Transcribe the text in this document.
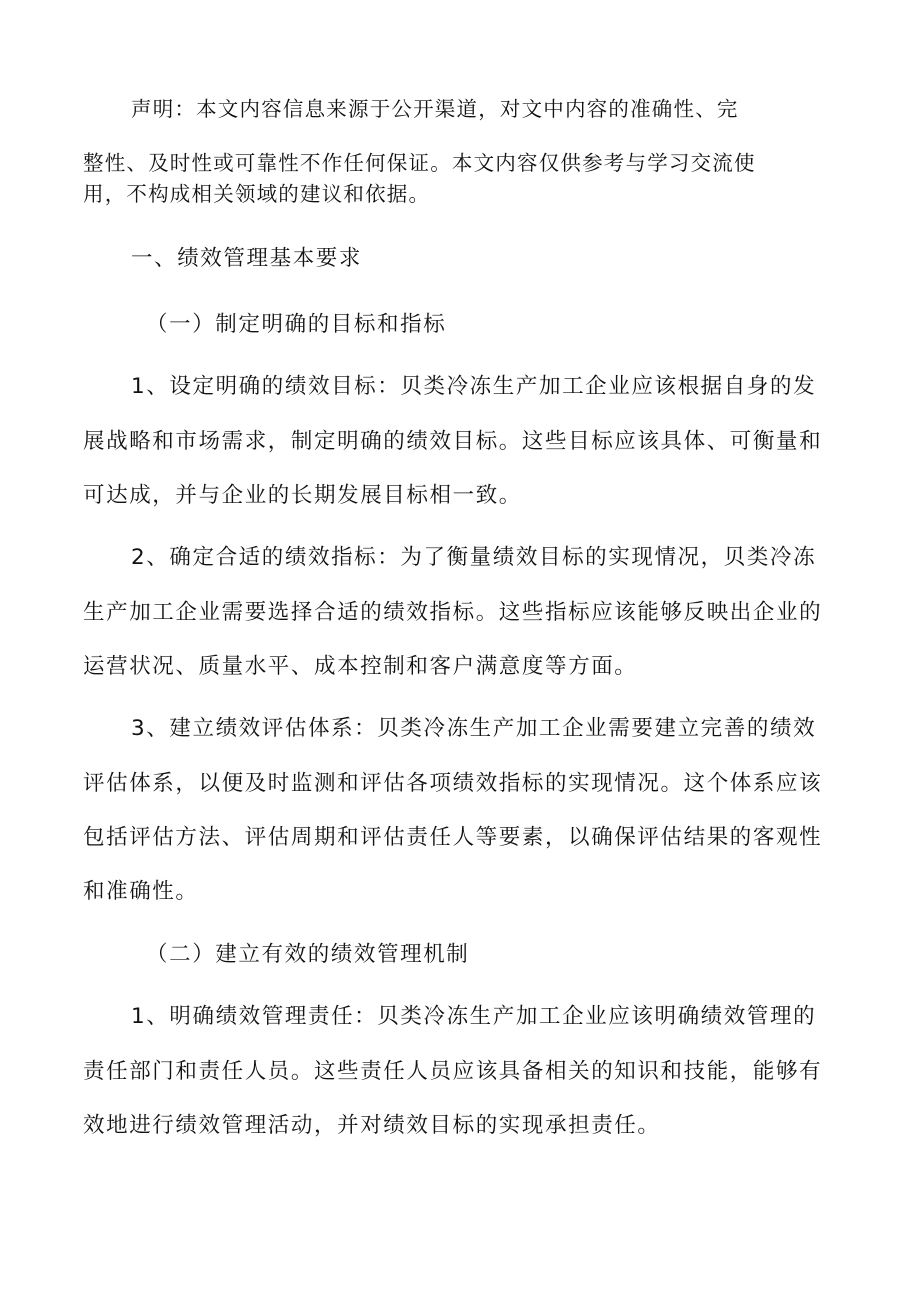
声明：本文内容信息来源于公开渠道，对文中内容的准确性、完
整性、及时性或可靠性不作任何保证。本文内容仅供参考与学习交流使
用，不构成相关领域的建议和依据。
一、绩效管理基本要求
（一）制定明确的目标和指标
1、设定明确的绩效目标：贝类冷冻生产加工企业应该根据自身的发
展战略和市场需求，制定明确的绩效目标。这些目标应该具体、可衡量和
可达成，并与企业的长期发展目标相一致。
2、确定合适的绩效指标：为了衡量绩效目标的实现情况，贝类冷冻
生产加工企业需要选择合适的绩效指标。这些指标应该能够反映出企业的
运营状况、质量水平、成本控制和客户满意度等方面。
3、建立绩效评估体系：贝类冷冻生产加工企业需要建立完善的绩效
评估体系，以便及时监测和评估各项绩效指标的实现情况。这个体系应该
包括评估方法、评估周期和评估责任人等要素，以确保评估结果的客观性
和准确性。
（二）建立有效的绩效管理机制
1、明确绩效管理责任：贝类冷冻生产加工企业应该明确绩效管理的
责任部门和责任人员。这些责任人员应该具备相关的知识和技能，能够有
效地进行绩效管理活动，并对绩效目标的实现承担责任。
